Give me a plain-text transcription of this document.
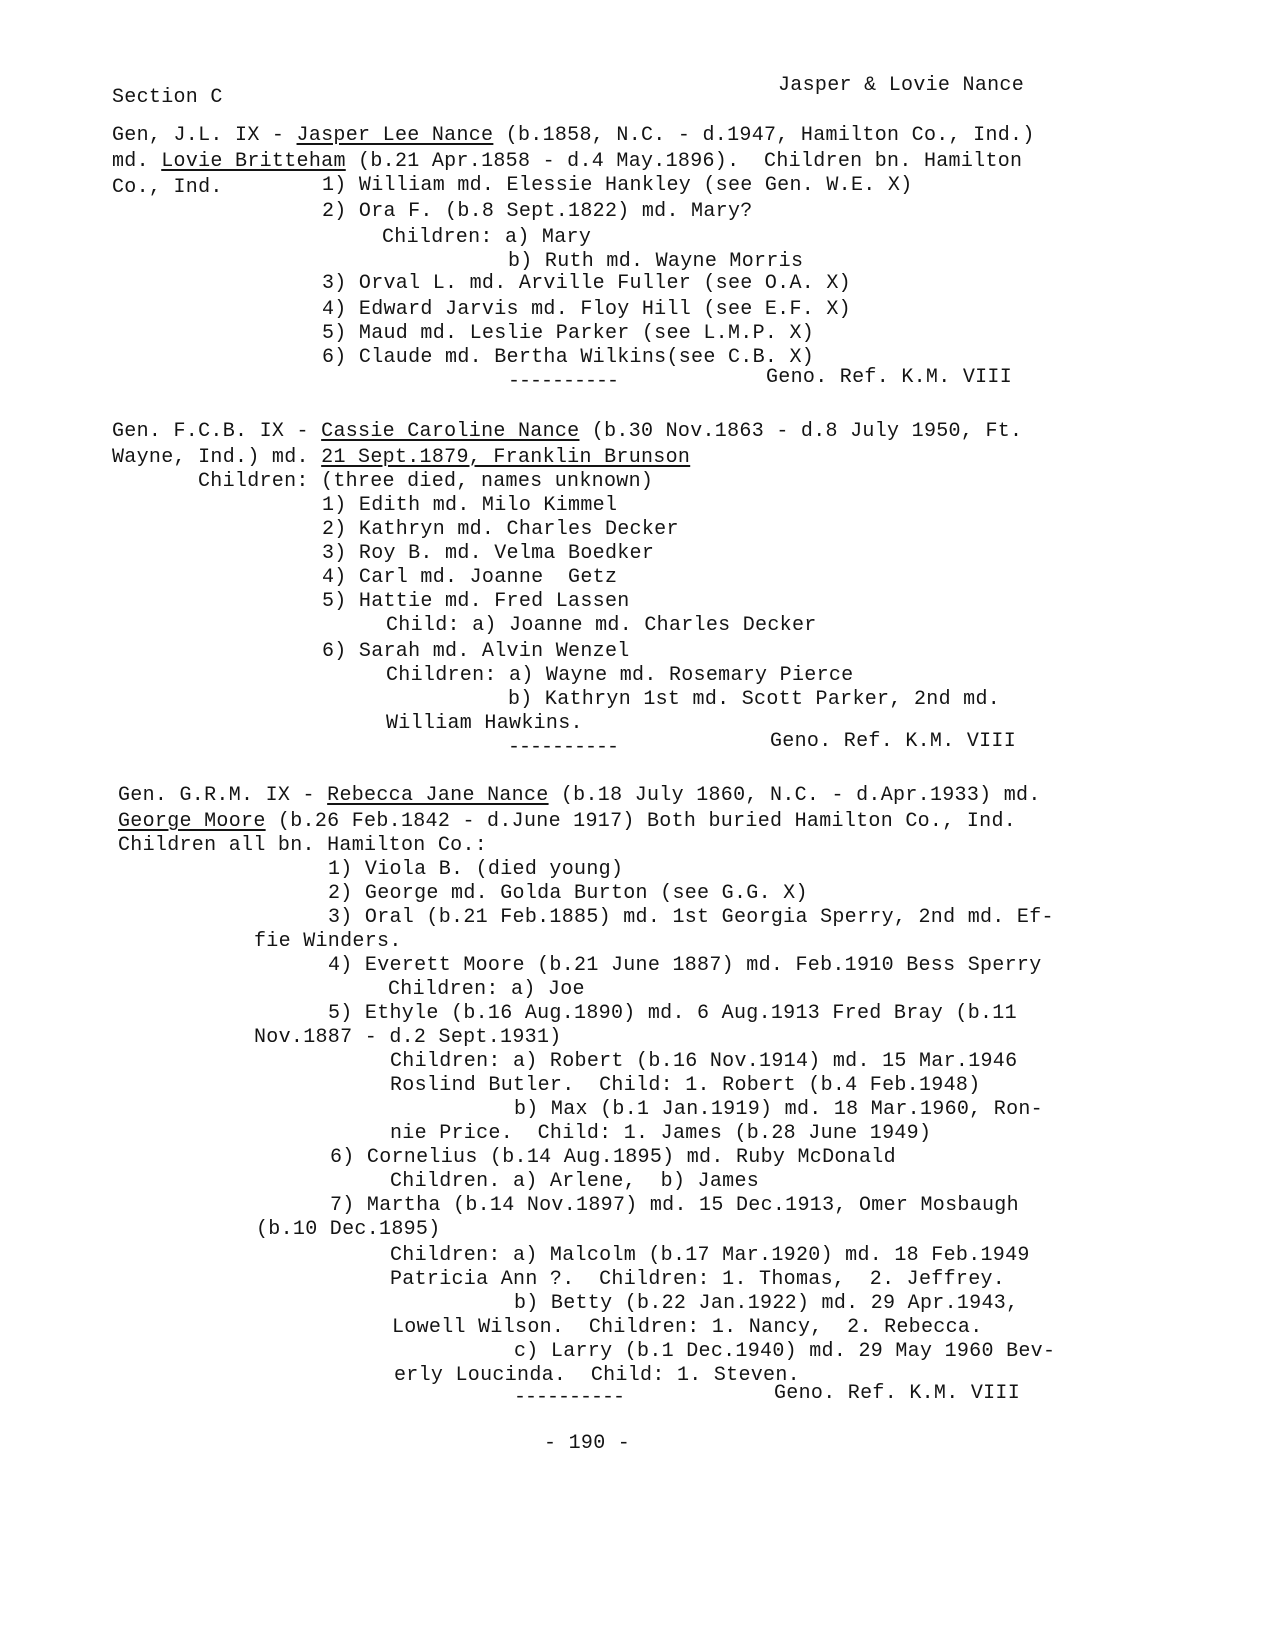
Section C
Jasper & Lovie Nance
Gen, J.L. IX - Jasper Lee Nance (b.1858, N.C. - d.1947, Hamilton Co., Ind.)
md. Lovie Britteham (b.21 Apr.1858 - d.4 May.1896).  Children bn. Hamilton
Co., Ind.	1) William md. Elessie Hankley (see Gen. W.E. X)
2) Ora F. (b.8 Sept.1822) md. Mary?
Children: a) Mary
b) Ruth md. Wayne Morris
3) Orval L. md. Arville Fuller (see O.A. X)
4) Edward Jarvis md. Floy Hill (see E.F. X)
5) Maud md. Leslie Parker (see L.M.P. X)
6) Claude md. Bertha Wilkins(see C.B. X)
----------	Geno. Ref. K.M. VIII
Gen. F.C.B. IX - Cassie Caroline Nance (b.30 Nov.1863 - d.8 July 1950, Ft.
Wayne, Ind.) md. 21 Sept.1879, Franklin Brunson
Children: (three died, names unknown)
1) Edith md. Milo Kimmel
2) Kathryn md. Charles Decker
3) Roy B. md. Velma Boedker
4) Carl md. Joanne  Getz
5) Hattie md. Fred Lassen
Child: a) Joanne md. Charles Decker
6) Sarah md. Alvin Wenzel
Children: a) Wayne md. Rosemary Pierce
b) Kathryn 1st md. Scott Parker, 2nd md.
William Hawkins.
----------	Geno. Ref. K.M. VIII
Gen. G.R.M. IX - Rebecca Jane Nance (b.18 July 1860, N.C. - d.Apr.1933) md.
George Moore (b.26 Feb.1842 - d.June 1917) Both buried Hamilton Co., Ind.
Children all bn. Hamilton Co.:
1) Viola B. (died young)
2) George md. Golda Burton (see G.G. X)
3) Oral (b.21 Feb.1885) md. 1st Georgia Sperry, 2nd md. Ef-
fie Winders.
4) Everett Moore (b.21 June 1887) md. Feb.1910 Bess Sperry
Children: a) Joe
5) Ethyle (b.16 Aug.1890) md. 6 Aug.1913 Fred Bray (b.11
Nov.1887 - d.2 Sept.1931)
Children: a) Robert (b.16 Nov.1914) md. 15 Mar.1946
Roslind Butler.  Child: 1. Robert (b.4 Feb.1948)
b) Max (b.1 Jan.1919) md. 18 Mar.1960, Ron-
nie Price.  Child: 1. James (b.28 June 1949)
6) Cornelius (b.14 Aug.1895) md. Ruby McDonald
Children. a) Arlene,  b) James
7) Martha (b.14 Nov.1897) md. 15 Dec.1913, Omer Mosbaugh
(b.10 Dec.1895)
Children: a) Malcolm (b.17 Mar.1920) md. 18 Feb.1949
Patricia Ann ?.  Children: 1. Thomas,  2. Jeffrey.
b) Betty (b.22 Jan.1922) md. 29 Apr.1943,
Lowell Wilson.  Children: 1. Nancy,  2. Rebecca.
c) Larry (b.1 Dec.1940) md. 29 May 1960 Bev-
erly Loucinda.  Child: 1. Steven.
----------	Geno. Ref. K.M. VIII
- 190 -
